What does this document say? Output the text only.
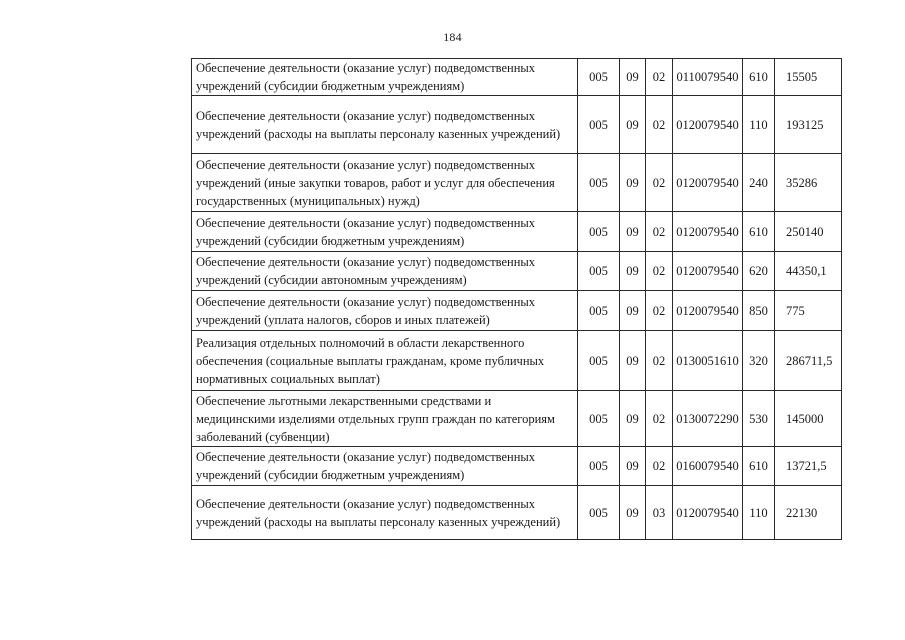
184
Обеспечение деятельности (оказание услуг) подведомственных учреждений (субсидии бюджетным учреждениям)	005	09	02	0110079540	610	15505
Обеспечение деятельности (оказание услуг) подведомственных учреждений (расходы на выплаты персоналу казенных учреждений)	005	09	02	0120079540	110	193125
Обеспечение деятельности (оказание услуг) подведомственных учреждений (иные закупки товаров, работ и услуг для обеспечения государственных (муниципальных) нужд)	005	09	02	0120079540	240	35286
Обеспечение деятельности (оказание услуг) подведомственных учреждений (субсидии бюджетным учреждениям)	005	09	02	0120079540	610	250140
Обеспечение деятельности (оказание услуг) подведомственных учреждений (субсидии автономным учреждениям)	005	09	02	0120079540	620	44350,1
Обеспечение деятельности (оказание услуг) подведомственных учреждений (уплата налогов, сборов и иных платежей)	005	09	02	0120079540	850	775
Реализация отдельных полномочий в области лекарственного обеспечения (социальные выплаты гражданам, кроме публичных нормативных социальных выплат)	005	09	02	0130051610	320	286711,5
Обеспечение льготными лекарственными средствами и медицинскими изделиями отдельных групп граждан по категориям заболеваний (субвенции)	005	09	02	0130072290	530	145000
Обеспечение деятельности (оказание услуг) подведомственных учреждений (субсидии бюджетным учреждениям)	005	09	02	0160079540	610	13721,5
Обеспечение деятельности (оказание услуг) подведомственных учреждений (расходы на выплаты персоналу казенных учреждений)	005	09	03	0120079540	110	22130
